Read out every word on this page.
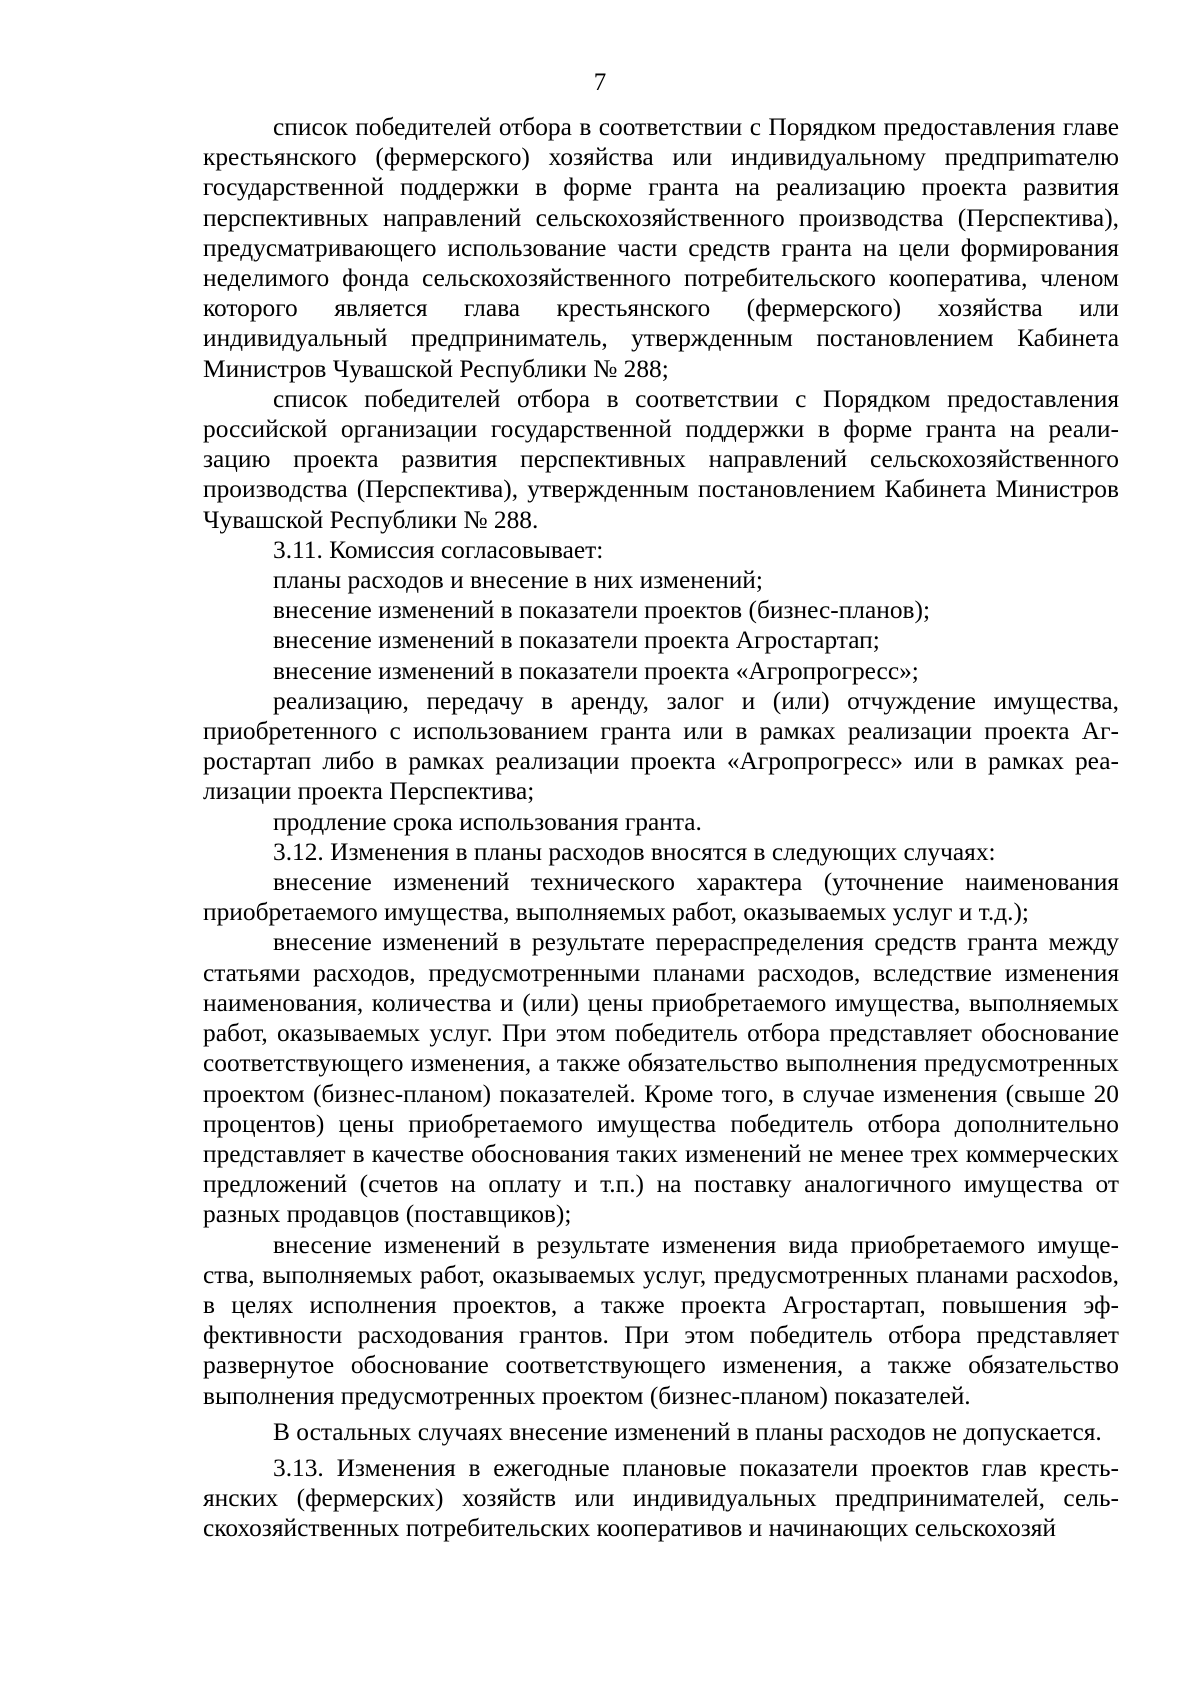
7

список победителей отбора в соответствии с Порядком предоставления главе крестьянского (фермерского) хозяйства или индивидуальному предприmателю государственной поддержки в форме гранта на реализацию проекта развития перспективных направлений сельскохозяйственного производства (Перспектива), предусматривающего использование части средств гранта на цели формирования неделимого фонда сельскохозяйственного потребительского кооператива, членом которого является глава крестьянского (фермерского) хозяйства или индивидуальный предприниматель, утвержденным постановлением Кабинета Министров Чувашской Республики № 288;

список победителей отбора в соответствии с Порядком предоставления российской организации государственной поддержки в форме гранта на реализацию проекта развития перспективных направлений сельскохозяйственного производства (Перспектива), утвержденным постановлением Кабинета Министров Чувашской Республики № 288.

3.11. Комиссия согласовывает:

планы расходов и внесение в них изменений;

внесение изменений в показатели проектов (бизнес-планов);

внесение изменений в показатели проекта Агростартап;

внесение изменений в показатели проекта «Агропрогресс»;

реализацию, передачу в аренду, залог и (или) отчуждение имущества, приобретенного с использованием гранта или в рамках реализации проекта Агростартап либо в рамках реализации проекта «Агропрогресс» или в рамках реализации проекта Перспектива;

продление срока использования гранта.

3.12. Изменения в планы расходов вносятся в следующих случаях:

внесение изменений технического характера (уточнение наименования приобретаемого имущества, выполняемых работ, оказываемых услуг и т.д.);

внесение изменений в результате перераспределения средств гранта между статьями расходов, предусмотренными планами расходов, вследствие изменения наименования, количества и (или) цены приобретаемого имущества, выполняемых работ, оказываемых услуг. При этом победитель отбора представляет обоснование соответствующего изменения, а также обязательство выполнения предусмотренных проектом (бизнес-планом) показателей. Кроме того, в случае изменения (свыше 20 процентов) цены приобретаемого имущества победитель отбора дополнительно представляет в качестве обоснования таких изменений не менее трех коммерческих предложений (счетов на оплату и т.п.) на поставку аналогичного имущества от разных продавцов (поставщиков);

внесение изменений в результате изменения вида приобретаемого имущества, выполняемых работ, оказываемых услуг, предусмотренных планами расхоdов, в целях исполнения проектов, а также проекта Агростартап, повышения эффективности расходования грантов. При этом победитель отбора представляет развернутое обоснование соответствующего изменения, а также обязательство выполнения предусмотренных проектом (бизнес-планом) показателей.

В остальных случаях внесение изменений в планы расходов не допускается.

3.13. Изменения в ежегодные плановые показатели проектов глав крестьянских (фермерских) хозяйств или индивидуальных предпринимателей, сельскохозяйственных потребительских кооперативов и начинающих сельскохозяй
